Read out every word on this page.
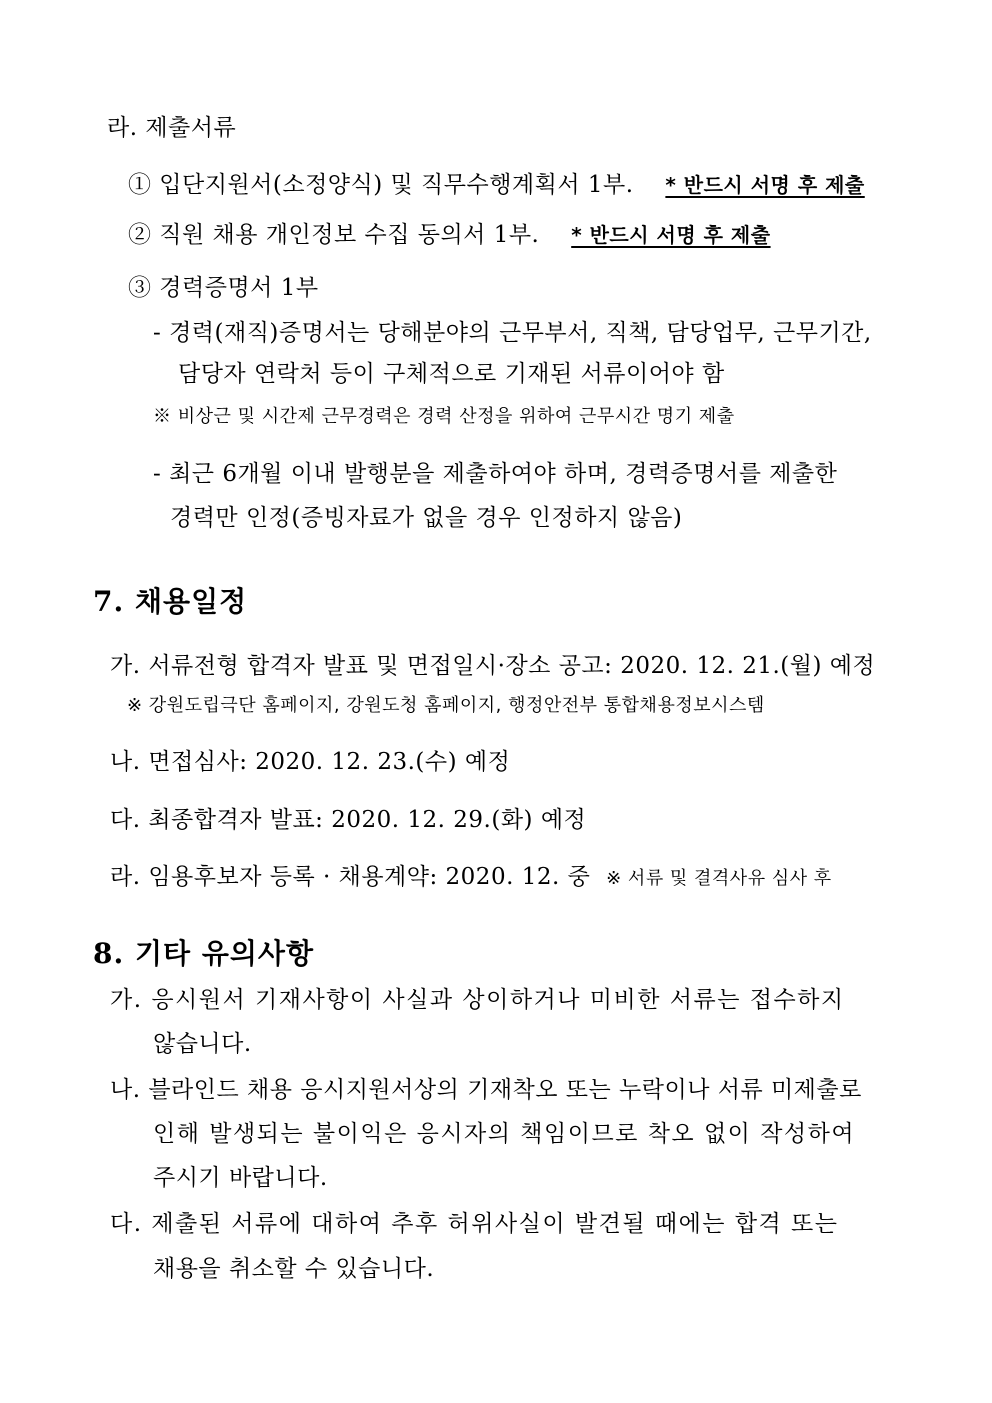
라. 제출서류
① 입단지원서(소정양식) 및 직무수행계획서 1부. * 반드시 서명 후 제출
② 직원 채용 개인정보 수집 동의서 1부. * 반드시 서명 후 제출
③ 경력증명서 1부
- 경력(재직)증명서는 당해분야의 근무부서, 직책, 담당업무, 근무기간,
담당자 연락처 등이 구체적으로 기재된 서류이어야 함
※ 비상근 및 시간제 근무경력은 경력 산정을 위하여 근무시간 명기 제출
- 최근 6개월 이내 발행분을 제출하여야 하며, 경력증명서를 제출한
경력만 인정(증빙자료가 없을 경우 인정하지 않음)
7. 채용일정
가. 서류전형 합격자 발표 및 면접일시·장소 공고: 2020. 12. 21.(월) 예정
※ 강원도립극단 홈페이지, 강원도청 홈페이지, 행정안전부 통합채용정보시스템
나. 면접심사: 2020. 12. 23.(수) 예정
다. 최종합격자 발표: 2020. 12. 29.(화) 예정
라. 임용후보자 등록 · 채용계약: 2020. 12. 중 ※ 서류 및 결격사유 심사 후
8. 기타 유의사항
가. 응시원서 기재사항이 사실과 상이하거나 미비한 서류는 접수하지
않습니다.
나. 블라인드 채용 응시지원서상의 기재착오 또는 누락이나 서류 미제출로
인해 발생되는 불이익은 응시자의 책임이므로 착오 없이 작성하여
주시기 바랍니다.
다. 제출된 서류에 대하여 추후 허위사실이 발견될 때에는 합격 또는
채용을 취소할 수 있습니다.
